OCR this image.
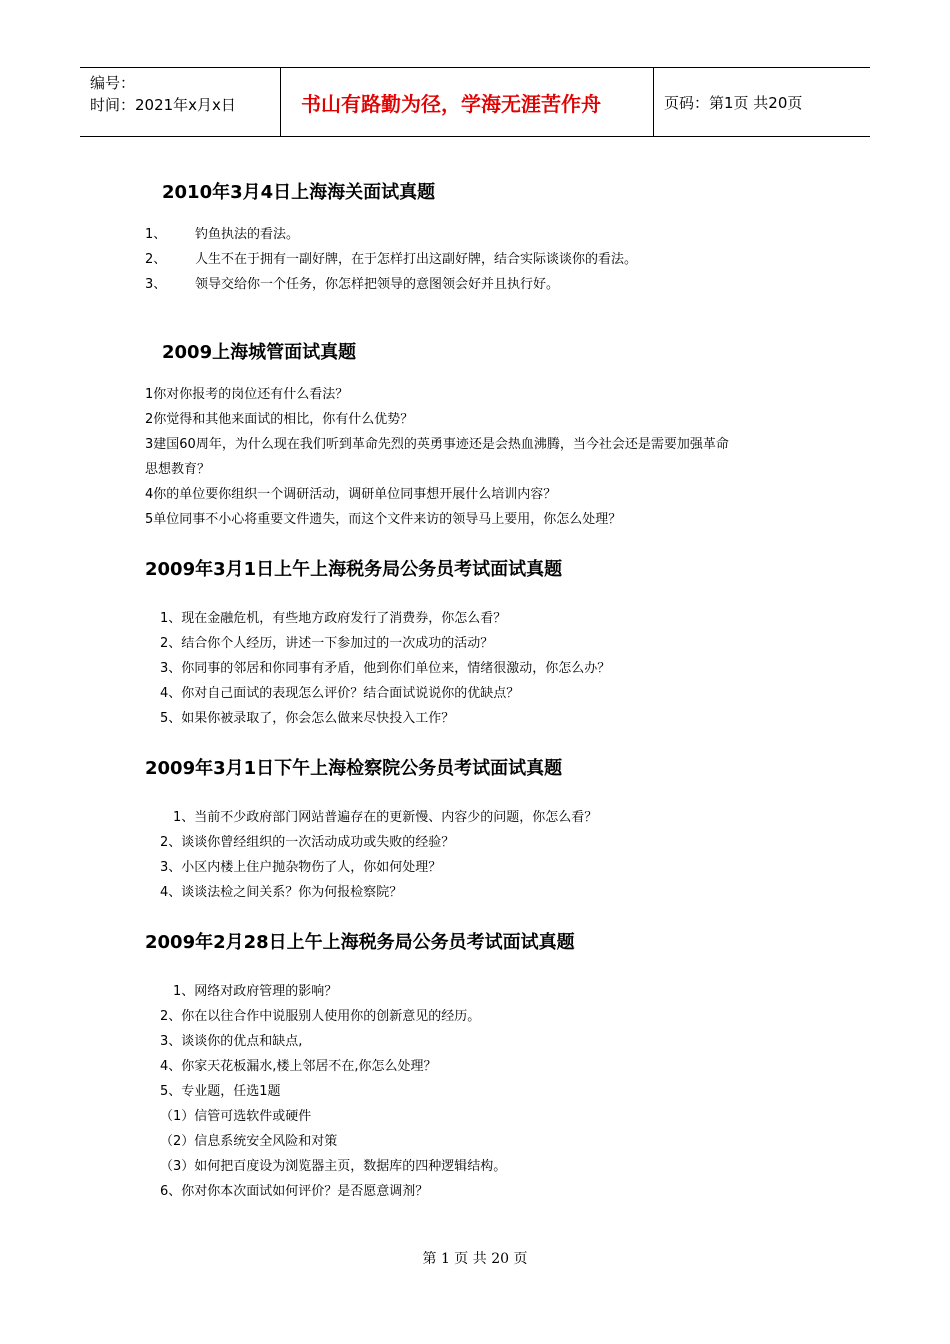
编号：
时间：2021年x月x日	书山有路勤为径，学海无涯苦作舟	页码：第1页 共20页
2010年3月4日上海海关面试真题
1、 钓鱼执法的看法。
2、 人生不在于拥有一副好牌，在于怎样打出这副好牌，结合实际谈谈你的看法。
3、 领导交给你一个任务，你怎样把领导的意图领会好并且执行好。
2009上海城管面试真题
1你对你报考的岗位还有什么看法？
2你觉得和其他来面试的相比，你有什么优势？
3建国60周年，为什么现在我们听到革命先烈的英勇事迹还是会热血沸腾，当今社会还是需要加强革命
思想教育？
4你的单位要你组织一个调研活动，调研单位同事想开展什么培训内容？
5单位同事不小心将重要文件遗失，而这个文件来访的领导马上要用，你怎么处理？
2009年3月1日上午上海税务局公务员考试面试真题
1、现在金融危机，有些地方政府发行了消费券，你怎么看？
2、结合你个人经历，讲述一下参加过的一次成功的活动？
3、你同事的邻居和你同事有矛盾，他到你们单位来，情绪很激动，你怎么办？
4、你对自己面试的表现怎么评价？结合面试说说你的优缺点？
5、如果你被录取了，你会怎么做来尽快投入工作？
2009年3月1日下午上海检察院公务员考试面试真题
1、当前不少政府部门网站普遍存在的更新慢、内容少的问题，你怎么看？
2、谈谈你曾经组织的一次活动成功或失败的经验？
3、小区内楼上住户抛杂物伤了人，你如何处理？
4、谈谈法检之间关系？你为何报检察院？
2009年2月28日上午上海税务局公务员考试面试真题
1、网络对政府管理的影响？
2、你在以往合作中说服别人使用你的创新意见的经历。
3、谈谈你的优点和缺点,
4、你家天花板漏水,楼上邻居不在,你怎么处理？
5、专业题，任选1题
（1）信管可选软件或硬件
（2）信息系统安全风险和对策
（3）如何把百度设为浏览器主页，数据库的四种逻辑结构。
6、你对你本次面试如何评价？是否愿意调剂？
第 1 页 共 20 页
